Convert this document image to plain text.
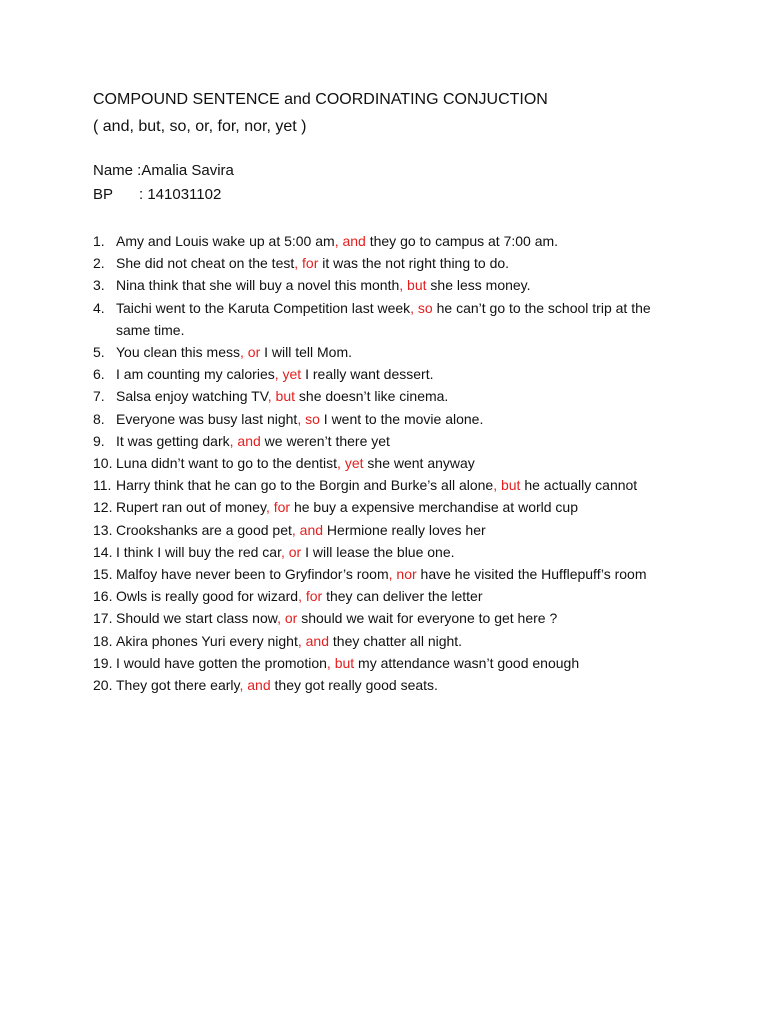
COMPOUND SENTENCE and COORDINATING CONJUCTION
( and, but, so, or, for, nor, yet )
Name :Amalia Savira
BP : 141031102
1. Amy and Louis wake up at 5:00 am, and they go to campus at 7:00 am.
2. She did not cheat on the test, for it was the not right thing to do.
3. Nina think that she will buy a novel this month, but she less money.
4. Taichi went to the Karuta Competition last week, so he can’t go to the school trip at the same time.
5. You clean this mess, or I will tell Mom.
6. I am counting my calories, yet I really want dessert.
7. Salsa enjoy watching TV, but she doesn’t like cinema.
8. Everyone was busy last night, so I went to the movie alone.
9. It was getting dark, and we weren’t there yet
10. Luna didn’t want to go to the dentist, yet she went anyway
11. Harry think that he can go to the Borgin and Burke’s all alone, but he actually cannot
12. Rupert ran out of money, for he buy a expensive merchandise at world cup
13. Crookshanks are a good pet, and Hermione really loves her
14. I think I will buy the red car, or I will lease the blue one.
15. Malfoy have never been to Gryfindor’s room, nor have he visited the Hufflepuff’s room
16. Owls is really good for wizard, for they can deliver the letter
17. Should we start class now, or should we wait for everyone to get here ?
18. Akira phones Yuri every night, and they chatter all night.
19. I would have gotten the promotion, but my attendance wasn’t good enough
20. They got there early, and they got really good seats.
